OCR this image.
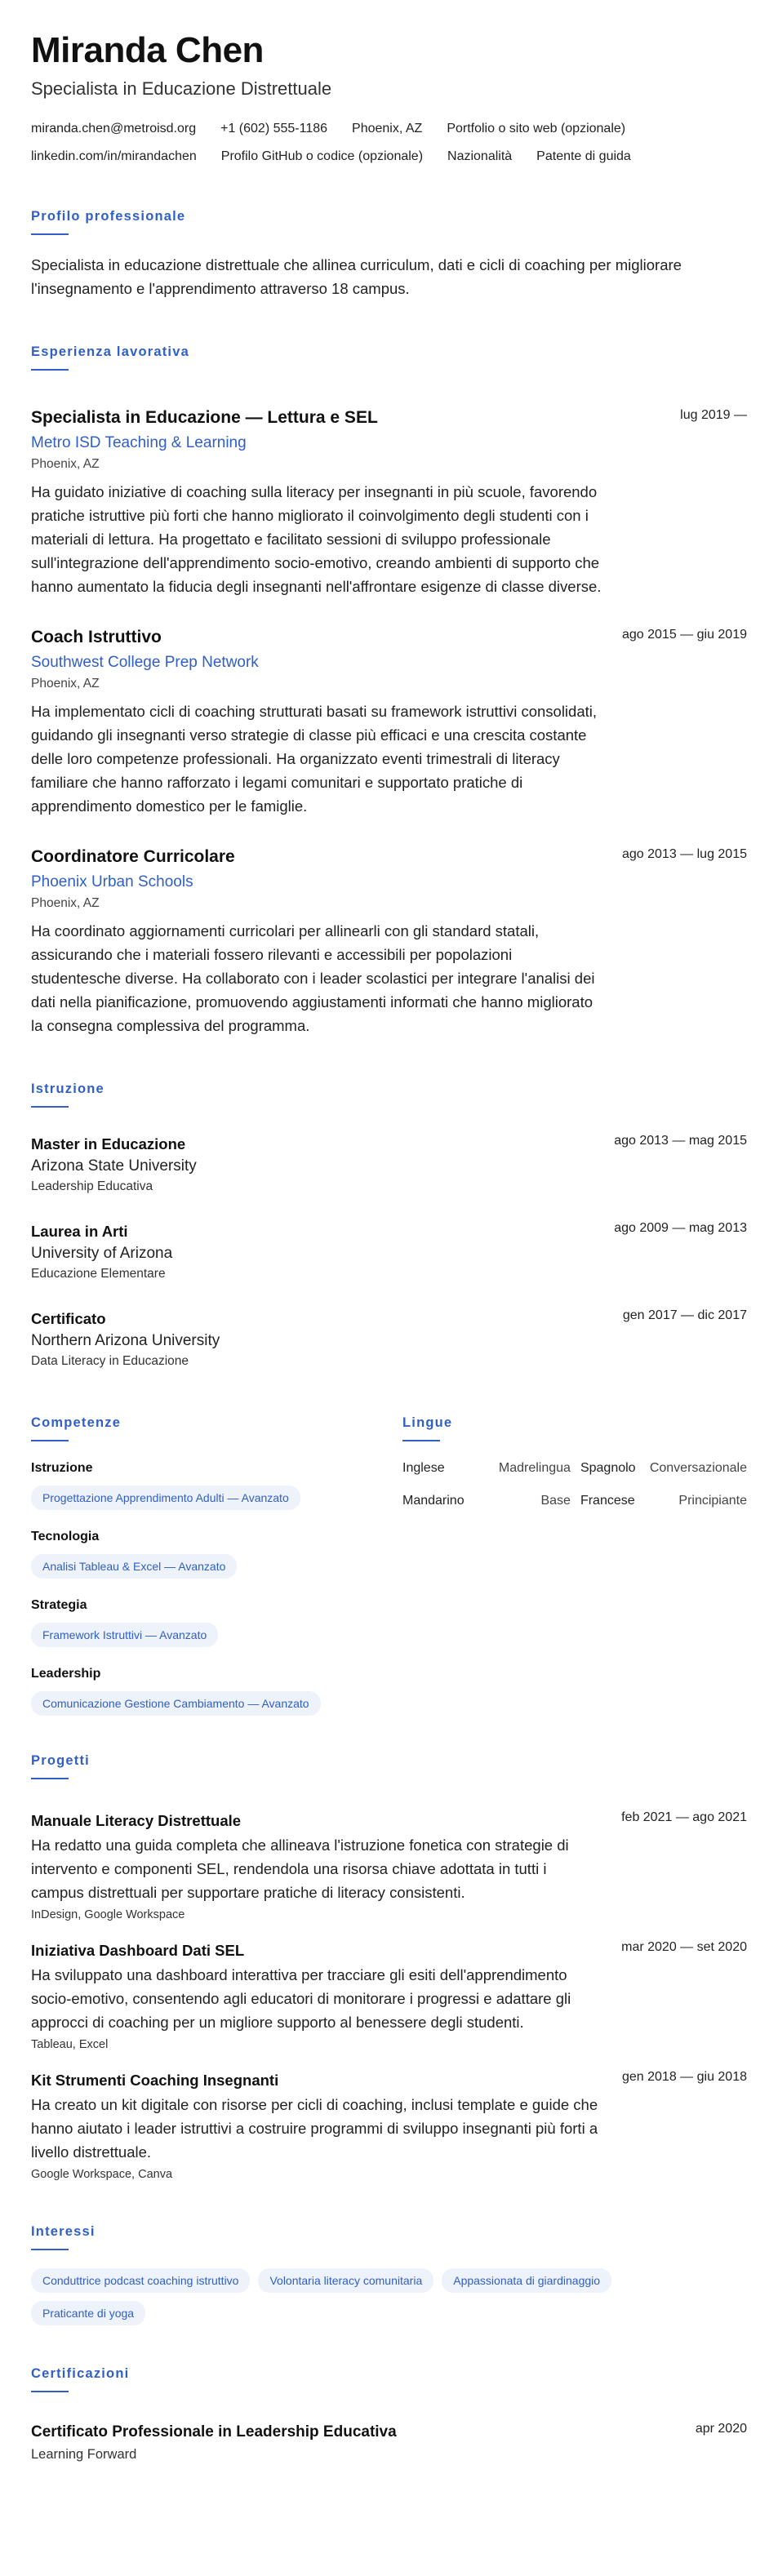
Miranda Chen
Specialista in Educazione Distrettuale
miranda.chen@metroisd.org +1 (602) 555-1186 Phoenix, AZ Portfolio o sito web (opzionale)
linkedin.com/in/mirandachen Profilo GitHub o codice (opzionale) Nazionalità Patente di guida
Profilo professionale
Specialista in educazione distrettuale che allinea curriculum, dati e cicli di coaching per migliorare l'insegnamento e l'apprendimento attraverso 18 campus.
Esperienza lavorativa
Specialista in Educazione — Lettura e SEL	lug 2019 —
Metro ISD Teaching & Learning
Phoenix, AZ
Ha guidato iniziative di coaching sulla literacy per insegnanti in più scuole, favorendo pratiche istruttive più forti che hanno migliorato il coinvolgimento degli studenti con i materiali di lettura. Ha progettato e facilitato sessioni di sviluppo professionale sull'integrazione dell'apprendimento socio-emotivo, creando ambienti di supporto che hanno aumentato la fiducia degli insegnanti nell'affrontare esigenze di classe diverse.
Coach Istruttivo	ago 2015 — giu 2019
Southwest College Prep Network
Phoenix, AZ
Ha implementato cicli di coaching strutturati basati su framework istruttivi consolidati, guidando gli insegnanti verso strategie di classe più efficaci e una crescita costante delle loro competenze professionali. Ha organizzato eventi trimestrali di literacy familiare che hanno rafforzato i legami comunitari e supportato pratiche di apprendimento domestico per le famiglie.
Coordinatore Curricolare	ago 2013 — lug 2015
Phoenix Urban Schools
Phoenix, AZ
Ha coordinato aggiornamenti curricolari per allinearli con gli standard statali, assicurando che i materiali fossero rilevanti e accessibili per popolazioni studentesche diverse. Ha collaborato con i leader scolastici per integrare l'analisi dei dati nella pianificazione, promuovendo aggiustamenti informati che hanno migliorato la consegna complessiva del programma.
Istruzione
Master in Educazione	ago 2013 — mag 2015
Arizona State University
Leadership Educativa
Laurea in Arti	ago 2009 — mag 2013
University of Arizona
Educazione Elementare
Certificato	gen 2017 — dic 2017
Northern Arizona University
Data Literacy in Educazione
Competenze
Istruzione
Progettazione Apprendimento Adulti — Avanzato
Tecnologia
Analisi Tableau & Excel — Avanzato
Strategia
Framework Istruttivi — Avanzato
Leadership
Comunicazione Gestione Cambiamento — Avanzato
Lingue
Inglese	Madrelingua Spagnolo	Conversazionale
Mandarino	Base Francese	Principiante
Progetti
Manuale Literacy Distrettuale	feb 2021 — ago 2021
Ha redatto una guida completa che allineava l'istruzione fonetica con strategie di intervento e componenti SEL, rendendola una risorsa chiave adottata in tutti i campus distrettuali per supportare pratiche di literacy consistenti.
InDesign, Google Workspace
Iniziativa Dashboard Dati SEL	mar 2020 — set 2020
Ha sviluppato una dashboard interattiva per tracciare gli esiti dell'apprendimento socio-emotivo, consentendo agli educatori di monitorare i progressi e adattare gli approcci di coaching per un migliore supporto al benessere degli studenti.
Tableau, Excel
Kit Strumenti Coaching Insegnanti	gen 2018 — giu 2018
Ha creato un kit digitale con risorse per cicli di coaching, inclusi template e guide che hanno aiutato i leader istruttivi a costruire programmi di sviluppo insegnanti più forti a livello distrettuale.
Google Workspace, Canva
Interessi
Conduttrice podcast coaching istruttivo	Volontaria literacy comunitaria	Appassionata di giardinaggioPraticante di yoga
Certificazioni
Certificato Professionale in Leadership Educativa	apr 2020
Learning Forward
